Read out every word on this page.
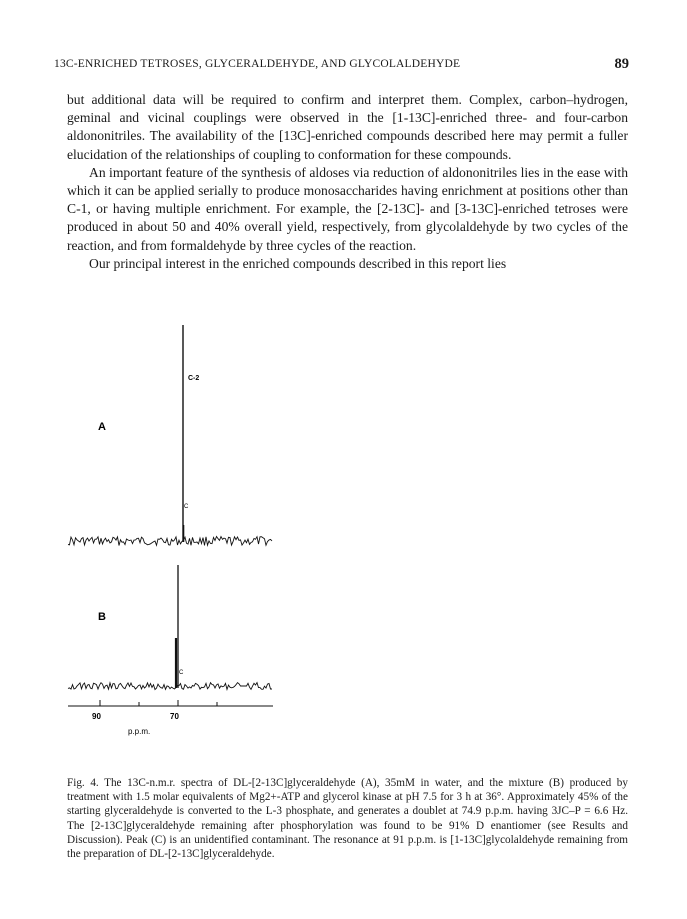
13C-ENRICHED TETROSES, GLYCERALDEHYDE, AND GLYCOLALDEHYDE	89

but additional data will be required to confirm and interpret them. Complex, carbon–hydrogen, geminal and vicinal couplings were observed in the [1-13C]-enriched three- and four-carbon aldononitriles. The availability of the [13C]-enriched compounds described here may permit a fuller elucidation of the relationships of coupling to conformation for these compounds.

An important feature of the synthesis of aldoses via reduction of aldononitriles lies in the ease with which it can be applied serially to produce monosaccharides having enrichment at positions other than C-1, or having multiple enrichment. For example, the [2-13C]- and [3-13C]-enriched tetroses were produced in about 50 and 40% overall yield, respectively, from glycolaldehyde by two cycles of the reaction, and from formaldehyde by three cycles of the reaction.

Our principal interest in the enriched compounds described in this report lies

A
C-2
C
B
C
90	70
p.p.m.

Fig. 4. The 13C-n.m.r. spectra of DL-[2-13C]glyceraldehyde (A), 35mM in water, and the mixture (B) produced by treatment with 1.5 molar equivalents of Mg2+-ATP and glycerol kinase at pH 7.5 for 3 h at 36°. Approximately 45% of the starting glyceraldehyde is converted to the L-3 phosphate, and generates a doublet at 74.9 p.p.m. having 3JC–P = 6.6 Hz. The [2-13C]glyceraldehyde remaining after phosphorylation was found to be 91% D enantiomer (see Results and Discussion). Peak (C) is an unidentified contaminant. The resonance at 91 p.p.m. is [1-13C]glycolaldehyde remaining from the preparation of DL-[2-13C]glyceraldehyde.
